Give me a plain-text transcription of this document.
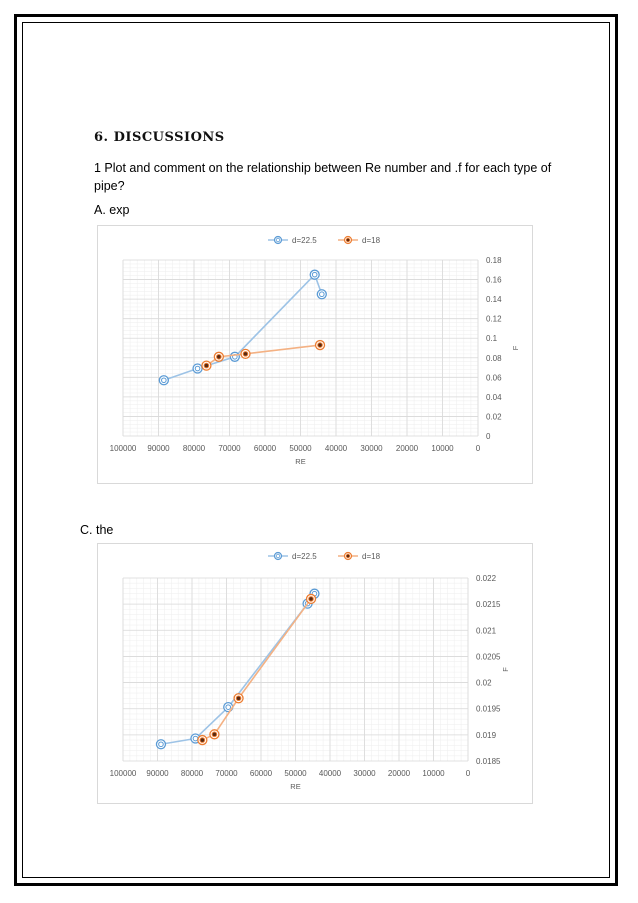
6. DISCUSSIONS
1 Plot and comment on the relationship between Re number and .f for each type of pipe?
A. exp
C. the
100000 90000 80000 70000 60000 50000 40000 30000 20000 10000	0
0
0.02
0.04
0.06
0.08
0.1
0.12
0.14
0.16
0.18
RE
F
d=22.5	d=18
100000 90000 80000 70000 60000 50000 40000 30000 20000 10000	0
0.0185
0.019
0.0195
0.02
0.0205
0.021
0.0215
0.022
RE
F
d=22.5	d=18
